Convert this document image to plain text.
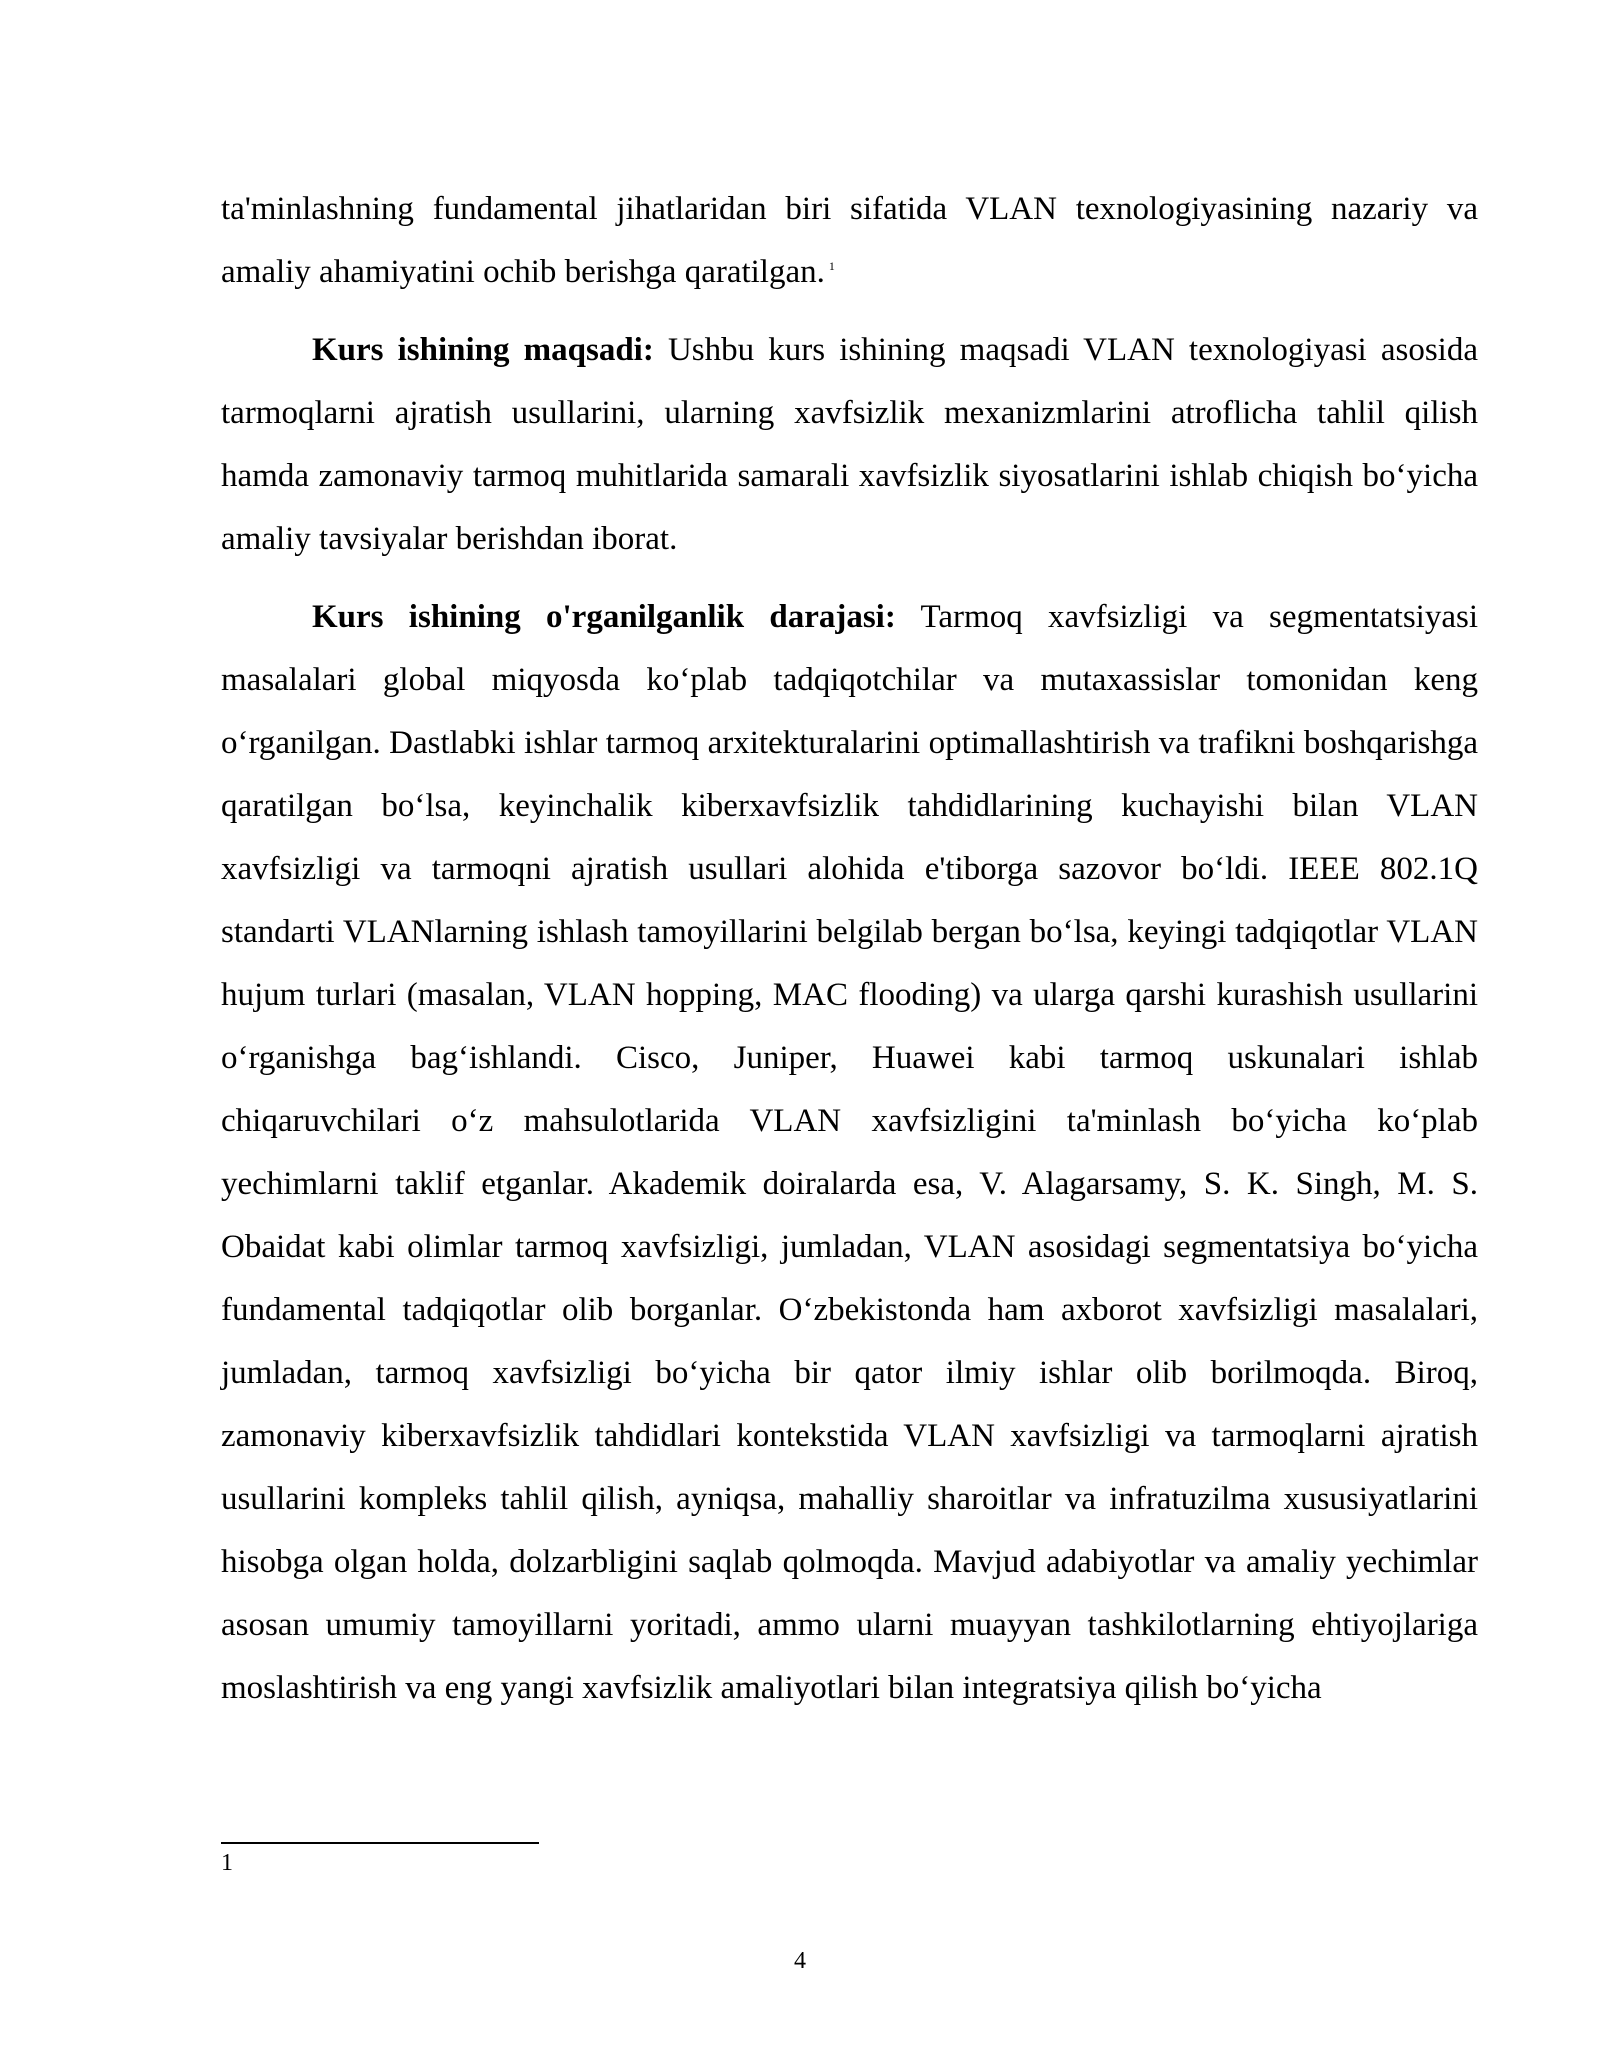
ta'minlashning fundamental jihatlaridan biri sifatida VLAN texnologiyasining nazariy va amaliy ahamiyatini ochib berishga qaratilgan. $^1$

Kurs ishining maqsadi: Ushbu kurs ishining maqsadi VLAN texnologiyasi asosida tarmoqlarni ajratish usullarini, ularning xavfsizlik mexanizmlarini atroflicha tahlil qilish hamda zamonaviy tarmoq muhitlarida samarali xavfsizlik siyosatlarini ishlab chiqish bo‘yicha amaliy tavsiyalar berishdan iborat.

Kurs ishining o'rganilganlik darajasi: Tarmoq xavfsizligi va segmentatsiyasi masalalari global miqyosda ko‘plab tadqiqotchilar va mutaxassislar tomonidan keng o‘rganilgan. Dastlabki ishlar tarmoq arxitekturalarini optimallashtirish va trafikni boshqarishga qaratilgan bo‘lsa, keyinchalik kiberxavfsizlik tahdidlarining kuchayishi bilan VLAN xavfsizligi va tarmoqni ajratish usullari alohida e'tiborga sazovor bo‘ldi. IEEE 802.1Q standarti VLANlarning ishlash tamoyillarini belgilab bergan bo‘lsa, keyingi tadqiqotlar VLAN hujum turlari (masalan, VLAN hopping, MAC flooding) va ularga qarshi kurashish usullarini o‘rganishga bag‘ishlandi. Cisco, Juniper, Huawei kabi tarmoq uskunalari ishlab chiqaruvchilari o‘z mahsulotlarida VLAN xavfsizligini ta'minlash bo‘yicha ko‘plab yechimlarni taklif etganlar. Akademik doiralarda esa, V. Alagarsamy, S. K. Singh, M. S. Obaidat kabi olimlar tarmoq xavfsizligi, jumladan, VLAN asosidagi segmentatsiya bo‘yicha fundamental tadqiqotlar olib borganlar. O‘zbekistonda ham axborot xavfsizligi masalalari, jumladan, tarmoq xavfsizligi bo‘yicha bir qator ilmiy ishlar olib borilmoqda. Biroq, zamonaviy kiberxavfsizlik tahdidlari kontekstida VLAN xavfsizligi va tarmoqlarni ajratish usullarini kompleks tahlil qilish, ayniqsa, mahalliy sharoitlar va infratuzilma xususiyatlarini hisobga olgan holda, dolzarbligini saqlab qolmoqda. Mavjud adabiyotlar va amaliy yechimlar asosan umumiy tamoyillarni yoritadi, ammo ularni muayyan tashkilotlarning ehtiyojlariga moslashtirish va eng yangi xavfsizlik amaliyotlari bilan integratsiya qilish bo‘yicha

1
4
